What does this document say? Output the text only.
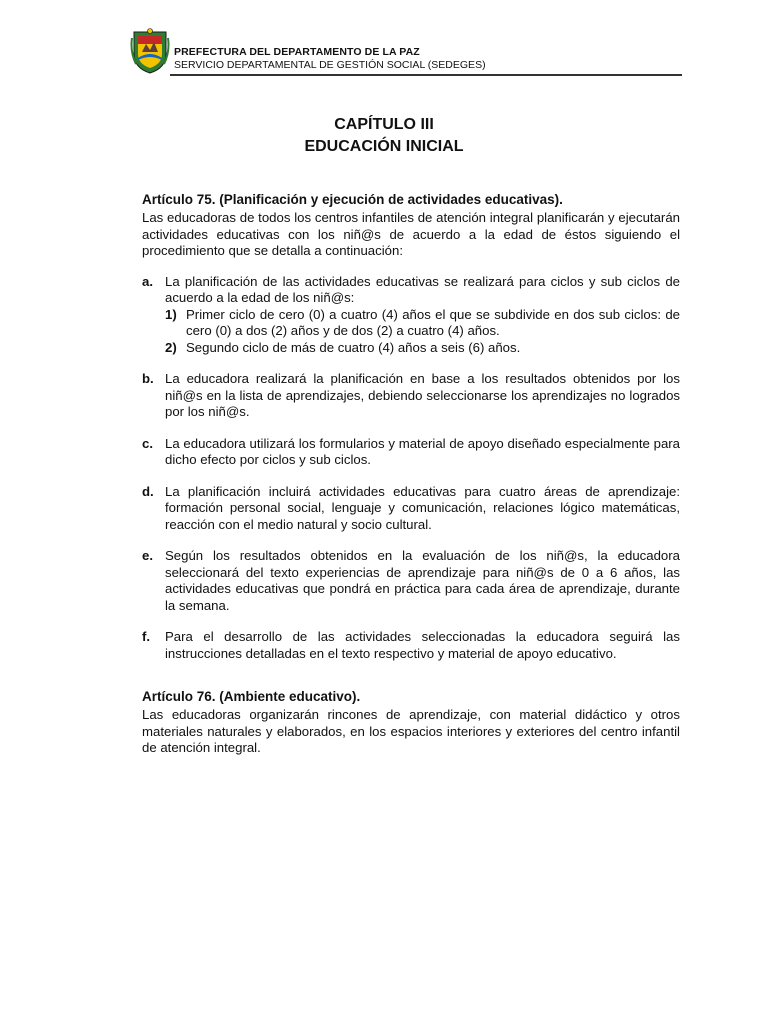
PREFECTURA DEL DEPARTAMENTO DE LA PAZ
SERVICIO DEPARTAMENTAL DE GESTIÓN SOCIAL (SEDEGES)
CAPÍTULO III
EDUCACIÓN INICIAL

Artículo 75. (Planificación y ejecución de actividades educativas).

Las educadoras de todos los centros infantiles de atención integral planificarán y ejecutarán actividades educativas con los niñ@s de acuerdo a la edad de éstos siguiendo el procedimiento que se detalla a continuación:

a. La planificación de las actividades educativas se realizará para ciclos y sub ciclos de acuerdo a la edad de los niñ@s:
1) Primer ciclo de cero (0) a cuatro (4) años el que se subdivide en dos sub ciclos: de cero (0) a dos (2) años y de dos (2) a cuatro (4) años.
2) Segundo ciclo de más de cuatro (4) años a seis (6) años.
b. La educadora realizará la planificación en base a los resultados obtenidos por los niñ@s en la lista de aprendizajes, debiendo seleccionarse los aprendizajes no logrados por los niñ@s.
c. La educadora utilizará los formularios y material de apoyo diseñado especialmente para dicho efecto por ciclos y sub ciclos.
d. La planificación incluirá actividades educativas para cuatro áreas de aprendizaje: formación personal social, lenguaje y comunicación, relaciones lógico matemáticas, reacción con el medio natural y socio cultural.
e. Según los resultados obtenidos en la evaluación de los niñ@s, la educadora seleccionará del texto experiencias de aprendizaje para niñ@s de 0 a 6 años, las actividades educativas que pondrá en práctica para cada área de aprendizaje, durante la semana.
f. Para el desarrollo de las actividades seleccionadas la educadora seguirá las instrucciones detalladas en el texto respectivo y material de apoyo educativo.

Artículo 76. (Ambiente educativo).

Las educadoras organizarán rincones de aprendizaje, con material didáctico y otros materiales naturales y elaborados, en los espacios interiores y exteriores del centro infantil de atención integral.
